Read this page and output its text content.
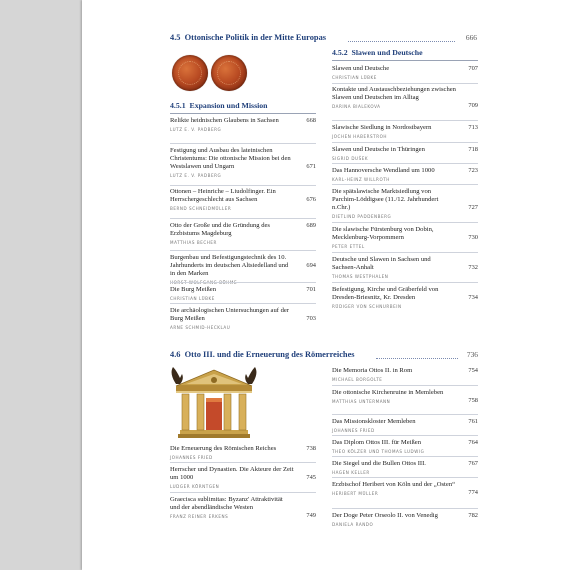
4.5 Ottonische Politik in der Mitte Europas	666
4.5.1 Expansion und Mission
4.5.2 Slawen und Deutsche
Relikte heidnischen Glaubens in Sachsen	668
LUTZ E. V. PADBERG
Festigung und Ausbau des lateinischen Christentums: Die ottonische Mission bei den Westslawen und Ungarn	671
LUTZ E. V. PADBERG
Ottonen – Heinriche – Liudolfinger. Ein Herrschergeschlecht aus Sachsen	676
BERND SCHNEIDMÜLLER
Otto der Große und die Gründung des Erzbistums Magdeburg
689
MATTHIAS BECHER
Burgenbau und Befestigungstechnik des 10. Jahrhunderts im deutschen Altsiedelland und in den Marken
694
HORST WOLFGANG BÖHME
Die Burg Meißen	701
CHRISTIAN LÜBKE
Die archäologischen Untersuchungen auf der Burg Meißen	703
ARNE SCHMID-HECKLAU
Slawen und Deutsche	707
CHRISTIAN LÜBKE
Kontakte und Austauschbeziehungen zwischen Slawen und Deutschen im Alltag
709
DARINA BIALEKOVA
Slawische Siedlung in Nordostbayern	713
JOCHEN HABERSTROH
Slawen und Deutsche in Thüringen	718
SIGRID DUŠEK
Das Hannoversche Wendland um 1000	723
KARL-HEINZ WILLROTH
Die spätslawische Marktsiedlung von Parchim-Löddigsee (11./12. Jahrhundert n.Chr.)	727
DIETLIND PADDENBERG
Die slawische Fürstenburg von Dobin, Mecklenburg-Vorpommern	730
PETER ETTEL
Deutsche und Slawen in Sachsen und Sachsen-Anhalt	732
THOMAS WESTPHALEN
Befestigung, Kirche und Gräberfeld von Dresden-Briesnitz, Kr. Dresden	734
RÜDIGER VON SCHNURBEIN
4.6 Otto III. und die Erneuerung des Römerreiches	736
Die Erneuerung des Römischen Reiches	738
JOHANNES FRIED
Herrscher und Dynastien. Die Akteure der Zeit um 1000	745
LUDGER KÖRNTGEN
Graecisca sublimitas: Byzanz' Attraktivität und der abendländische Westen
749
FRANZ REINER ERKENS
Die Memoria Ottos II. in Rom	754
MICHAEL BORGOLTE
Die ottonische Kirchenruine in Memleben
758
MATTHIAS UNTERMANN
Das Missionskloster Memleben	761
JOHANNES FRIED
Das Diplom Ottos III. für Meißen	764
THEO KÖLZER UND THOMAS LUDWIG
Die Siegel und die Bullen Ottos III.	767
HAGEN KELLER
Erzbischof Heribert von Köln und der „Osten“
774
HERIBERT MÜLLER
Der Doge Peter Orseolo II. von Venedig	782
DANIELA RANDO
